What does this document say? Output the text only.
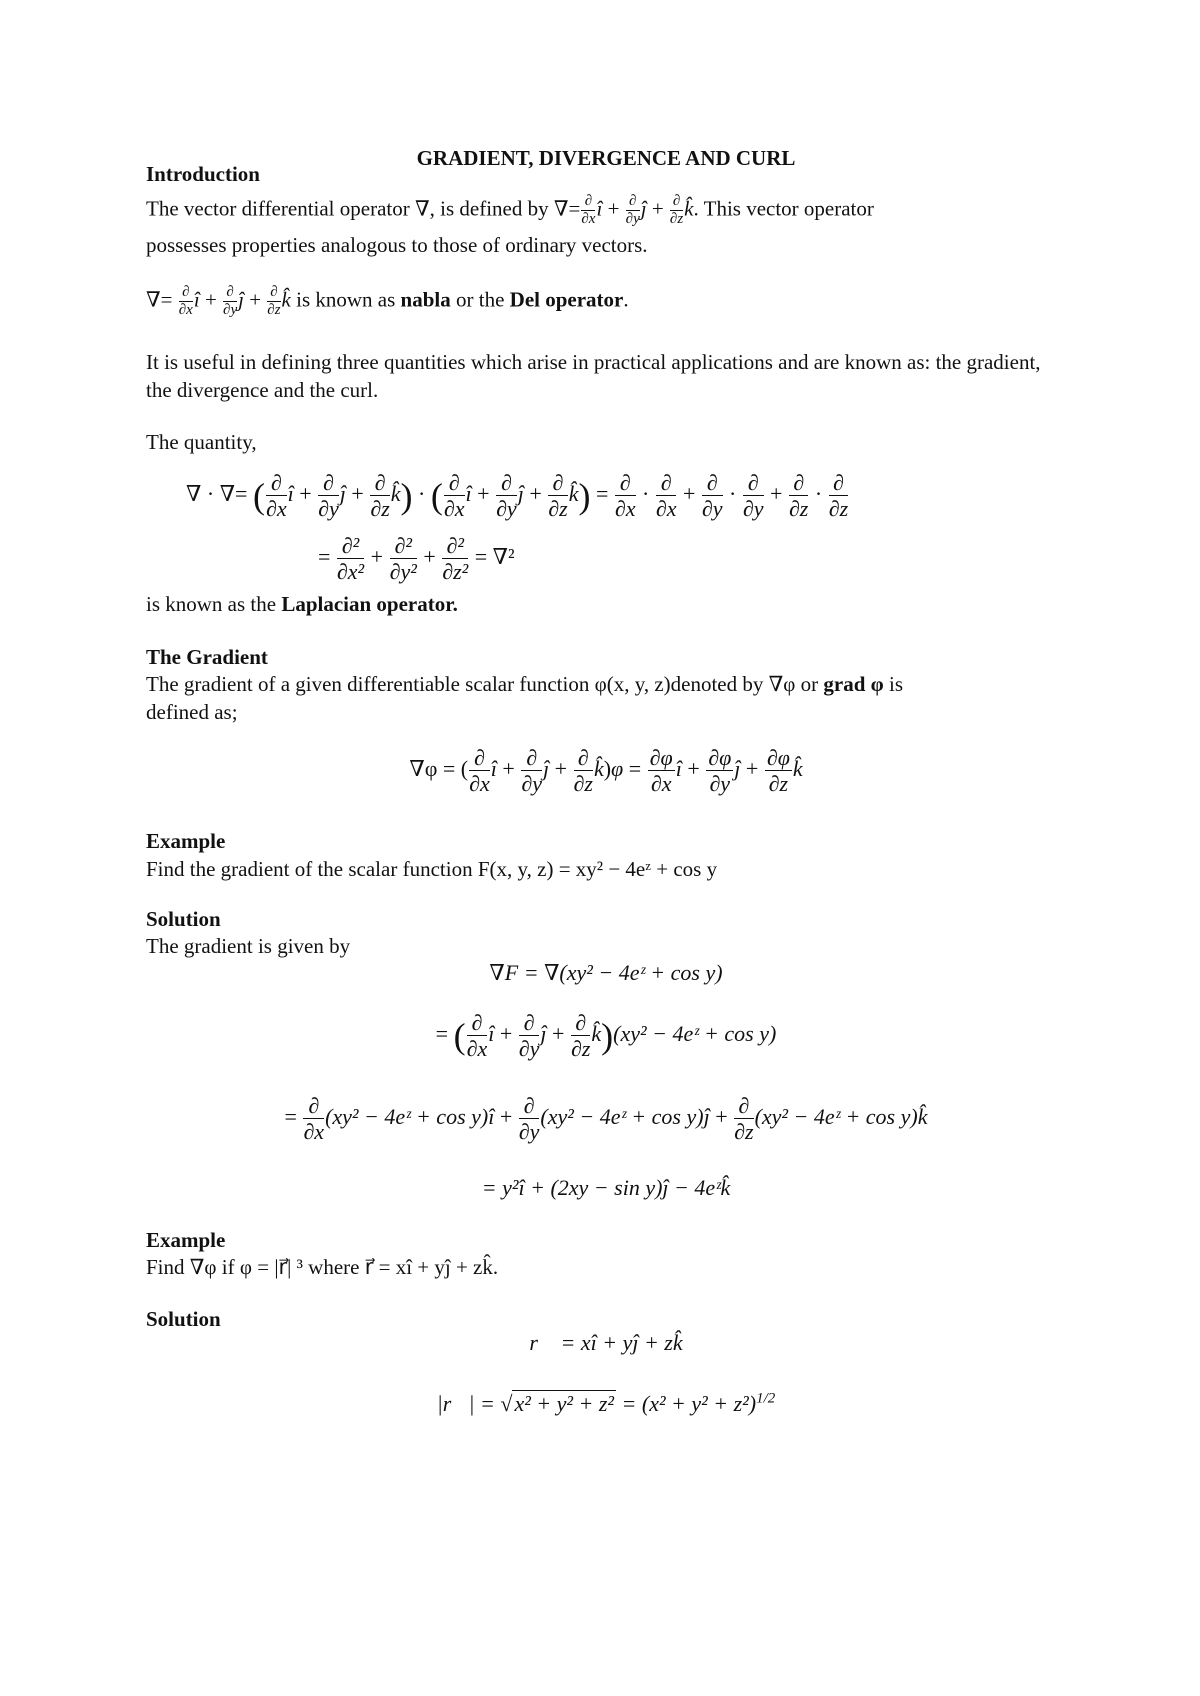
GRADIENT, DIVERGENCE AND CURL
Introduction
The vector differential operator ∇, is defined by ∇= $\frac{\partial}{\partial x}$ î + $\frac{\partial}{\partial y}$ ĵ + $\frac{\partial}{\partial z}$ k̂. This vector operator
possesses properties analogous to those of ordinary vectors.
∇= $\frac{\partial}{\partial x}$ î + $\frac{\partial}{\partial y}$ ĵ + $\frac{\partial}{\partial z}$ k̂ is known as nabla or the Del operator.
It is useful in defining three quantities which arise in practical applications and are known as: the gradient, the divergence and the curl.
The quantity,
∇ · ∇= ( $\frac{\partial}{\partial x}$ î + $\frac{\partial}{\partial y}$ ĵ + $\frac{\partial}{\partial z}$ k̂) · ( $\frac{\partial}{\partial x}$ î + $\frac{\partial}{\partial y}$ ĵ + $\frac{\partial}{\partial z}$ k̂) = $\frac{\partial}{\partial x} \cdot \frac{\partial}{\partial x} + \frac{\partial}{\partial y} \cdot \frac{\partial}{\partial y} + \frac{\partial}{\partial z} \cdot \frac{\partial}{\partial z}$
= $\frac{\text{∂²}}{\text{∂x²}} + \frac{\text{∂²}}{\text{∂y²}} + \frac{\text{∂²}}{\text{∂z²}} = \nabla^2$
is known as the Laplacian operator.
The Gradient
The gradient of a given differentiable scalar function φ(x, y, z)denoted by ∇φ or grad φ is
defined as;
∇φ = ( $\frac{\partial}{\partial x}$ î + $\frac{\partial}{\partial y}$ ĵ + $\frac{\partial}{\partial z}$ k̂)φ = $\frac{\partial\varphi}{\partial x}$ î + $\frac{\partial\varphi}{\partial y}$ ĵ + $\frac{\partial\varphi}{\partial z}$ k̂
Example
Find the gradient of the scalar function F(x, y, z) = xy² − 4eᶻ + cos y
Solution
The gradient is given by
∇F = ∇(xy² − 4eᶻ + cos y)
= ( $\frac{\partial}{\partial x}$ î + $\frac{\partial}{\partial y}$ ĵ + $\frac{\partial}{\partial z}$ k̂)(xy² − 4eᶻ + cos y)
= $\frac{\partial}{\partial x} (xy^2$ − 4eᶻ + cos y)î + $\frac{\partial}{\partial y} (xy^2$ − 4eᶻ + cos y)ĵ + $\frac{\partial}{\partial z} (xy^2$ − 4eᶻ + cos y)k̂
= y²î + (2xy − sin y)ĵ − 4eᶻk̂
Example
Find ∇φ if φ = |r⃗| ³ where r⃗ = xî + yĵ + zk̂.
Solution
r⃗ = xî + yĵ + zk̂
|r⃗| = $√x^2 + y^2 + z^2 = (x^2 + y^2 + z^2)^{1/2}$
